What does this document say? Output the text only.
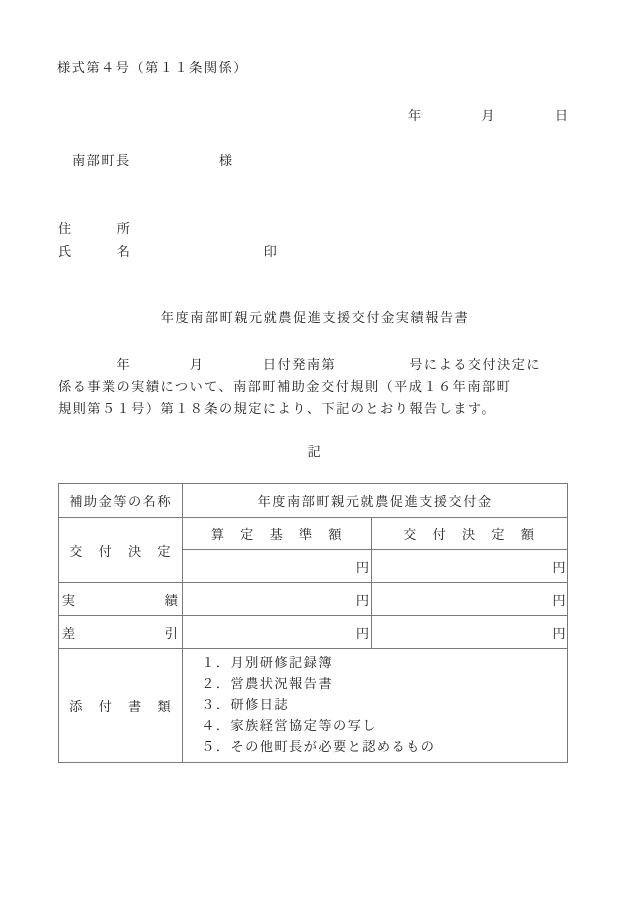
様式第４号（第１１条関係）
年　　　　月　　　　日
南部町長　　　　　　様
住　　　所
氏　　　名　　　　　　　　　印
年度南部町親元就農促進支援交付金実績報告書
　　　　年　　　　月　　　　日付発南第　　　　　号による交付決定に
係る事業の実績について、南部町補助金交付規則（平成１６年南部町
規則第５１号）第１８条の規定により、下記のとおり報告します。
記
補助金等の名称	年度南部町親元就農促進支援交付金	
交　付　決　定	算　定　基　準　額	交　付　決　定　額
	円	円
実　　　　　　績	円	円
差　　　　　　引	円	円
添　付　書　類	
１．月別研修記録簿
２．営農状況報告書
３．研修日誌
４．家族経営協定等の写し
５．その他町長が必要と認めるもの
